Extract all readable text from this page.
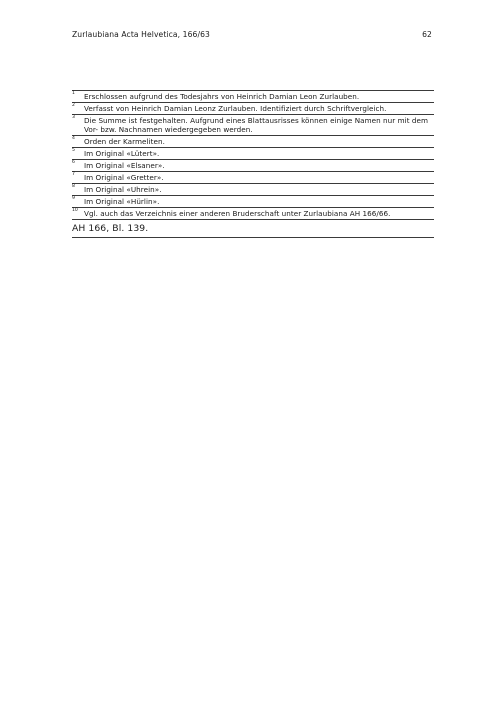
Zurlaubiana Acta Helvetica, 166/63	62
1 Erschlossen aufgrund des Todesjahrs von Heinrich Damian Leon Zurlauben.
2 Verfasst von Heinrich Damian Leonz Zurlauben. Identifiziert durch Schriftvergleich.
3 Die Summe ist festgehalten. Aufgrund eines Blattausrisses können einige Namen nur mit dem Vor- bzw. Nachnamen wiedergegeben werden.
4 Orden der Karmeliten.
5 Im Original «Lütert».
6 Im Original «Elsaner».
7 Im Original «Gretter».
8 Im Original «Uhrein».
9 Im Original «Hürlin».
10 Vgl. auch das Verzeichnis einer anderen Bruderschaft unter Zurlaubiana AH 166/66.
AH 166, Bl. 139.
